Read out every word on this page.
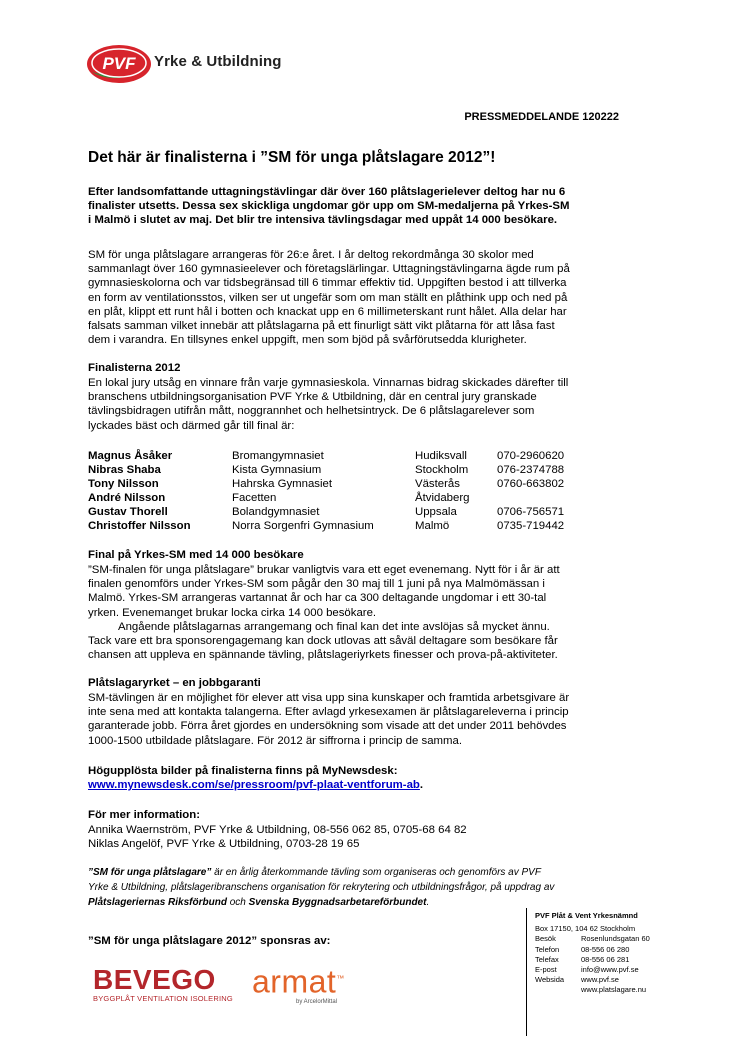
PVF Yrke & Utbildning
PRESSMEDDELANDE 120222
Det här är finalisterna i ”SM för unga plåtslagare 2012”!
Efter landsomfattande uttagningstävlingar där över 160 plåtslagerielever deltog har nu 6
finalister utsetts. Dessa sex skickliga ungdomar gör upp om SM-medaljerna på Yrkes-SM
i Malmö i slutet av maj. Det blir tre intensiva tävlingsdagar med uppåt 14 000 besökare.
SM för unga plåtslagare arrangeras för 26:e året. I år deltog rekordmånga 30 skolor med
sammanlagt över 160 gymnasieelever och företagslärlingar. Uttagningstävlingarna ägde rum på
gymnasieskolorna och var tidsbegränsad till 6 timmar effektiv tid. Uppgiften bestod i att tillverka
en form av ventilationsstos, vilken ser ut ungefär som om man ställt en plåthink upp och ned på
en plåt, klippt ett runt hål i botten och knackat upp en 6 millimeterskant runt hålet. Alla delar har
falsats samman vilket innebär att plåtslagarna på ett finurligt sätt vikt plåtarna för att låsa fast
dem i varandra. En tillsynes enkel uppgift, men som bjöd på svårförutsedda klurigheter.
Finalisterna 2012
En lokal jury utsåg en vinnare från varje gymnasieskola. Vinnarnas bidrag skickades därefter till
branschens utbildningsorganisation PVF Yrke & Utbildning, där en central jury granskade
tävlingsbidragen utifrån mått, noggrannhet och helhetsintryck. De 6 plåtslagarelever som
lyckades bäst och därmed går till final är:
Magnus Åsåker	Bromangymnasiet	Hudiksvall	070-2960620
Nibras Shaba	Kista Gymnasium	Stockholm	076-2374788
Tony Nilsson	Hahrska Gymnasiet	Västerås	0760-663802
André Nilsson	Facetten	Åtvidaberg	
Gustav Thorell	Bolandgymnasiet	Uppsala	0706-756571
Christoffer Nilsson	Norra Sorgenfri Gymnasium	Malmö	0735-719442
Final på Yrkes-SM med 14 000 besökare
”SM-finalen för unga plåtslagare” brukar vanligtvis vara ett eget evenemang. Nytt för i år är att
finalen genomförs under Yrkes-SM som pågår den 30 maj till 1 juni på nya Malmömässan i
Malmö. Yrkes-SM arrangeras vartannat år och har ca 300 deltagande ungdomar i ett 30-tal
yrken. Evenemanget brukar locka cirka 14 000 besökare.
Angående plåtslagarnas arrangemang och final kan det inte avslöjas så mycket ännu.
Tack vare ett bra sponsorengagemang kan dock utlovas att såväl deltagare som besökare får
chansen att uppleva en spännande tävling, plåtslageriyrkets finesser och prova-på-aktiviteter.
Plåtslagaryrket – en jobbgaranti
SM-tävlingen är en möjlighet för elever att visa upp sina kunskaper och framtida arbetsgivare är
inte sena med att kontakta talangerna. Efter avlagd yrkesexamen är plåtslagareleverna i princip
garanterade jobb. Förra året gjordes en undersökning som visade att det under 2011 behövdes
1000-1500 utbildade plåtslagare. För 2012 är siffrorna i princip de samma.
Högupplösta bilder på finalisterna finns på MyNewsdesk:
www.mynewsdesk.com/se/pressroom/pvf-plaat-ventforum-ab.
För mer information:
Annika Waernström, PVF Yrke & Utbildning, 08-556 062 85, 0705-68 64 82
Niklas Angelöf, PVF Yrke & Utbildning, 0703-28 19 65
”SM för unga plåtslagare” är en årlig återkommande tävling som organiseras och genomförs av PVF
Yrke & Utbildning, plåtslageribranschens organisation för rekrytering och utbildningsfrågor, på uppdrag av
Plåtslageriernas Riksförbund och Svenska Byggnadsarbetareförbundet.
”SM för unga plåtslagare 2012” sponsras av:
BEVEGO
BYGGPLÅT VENTILATION ISOLERING armat™
by ArcelorMittal
PVF Plåt & Vent Yrkesnämnd
Box 17150, 104 62 Stockholm
Besök	Rosenlundsgatan 60
Telefon	08-556 06 280
Telefax	08-556 06 281
E-post	info@www.pvf.se
Websida	www.pvf.se
www.platslagare.nu
